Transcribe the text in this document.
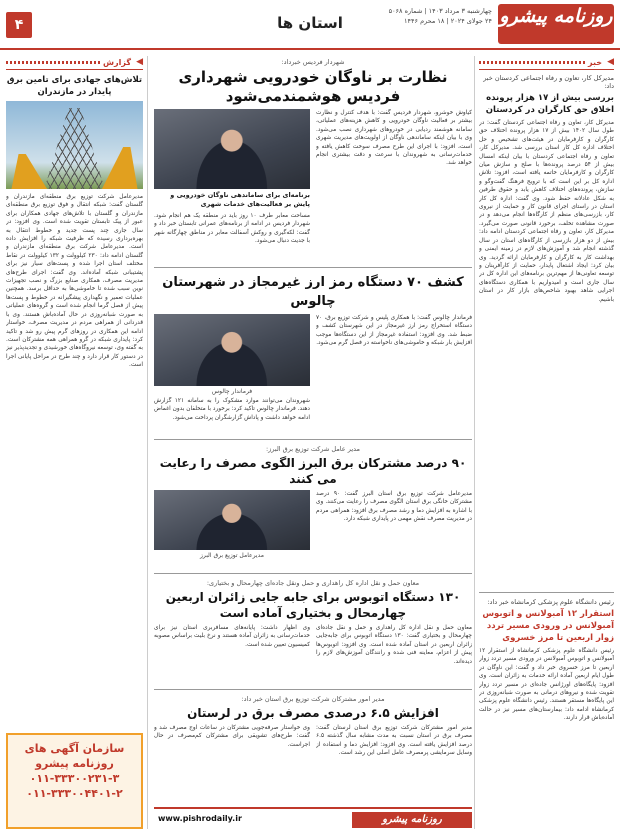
۴	استان ها
چهارشنبه ۳ مرداد ۱۴۰۳ | شماره ۵۰۶۸
۲۴ جولای ۲۰۲۴ | ۱۸ محرم ۱۴۴۶ روزنامه پیشرو
◀
خبر
مدیرکل کار، تعاون و رفاه اجتماعی کردستان خبر داد:
بررسی بیش از ۱۷ هزار پرونده اخلاق حق کارگران در کردستان
مدیرکل کار، تعاون و رفاه اجتماعی کردستان گفت: در طول سال ۱۴۰۲ بیش از ۱۷ هزار پرونده اختلاف حق کارگران و کارفرمایان در هیئت‌های تشخیص و حل اختلاف اداره کل کار استان بررسی شد. مدیرکل کار، تعاون و رفاه اجتماعی کردستان با بیان اینکه امسال بیش از ۵۴ درصد پرونده‌ها با صلح و سازش میان کارگران و کارفرمایان خاتمه یافته است، افزود: تلاش اداره کل بر این است که با ترویج فرهنگ گفت‌وگو و سازش، پرونده‌های اختلاف کاهش یابد و حقوق طرفین به شکل عادلانه حفظ شود. وی گفت: اداره کل کار استان در راستای اجرای قانون کار و حمایت از نیروی کار، بازرسی‌های منظم از کارگاه‌ها انجام می‌دهد و در صورت مشاهده تخلف، برخورد قانونی صورت می‌گیرد. مدیرکل کار، تعاون و رفاه اجتماعی کردستان ادامه داد: بیش از دو هزار بازرسی از کارگاه‌های استان در سال گذشته انجام شد و آموزش‌های لازم در زمینه ایمنی و بهداشت کار به کارگران و کارفرمایان ارائه گردید. وی بیان کرد: ایجاد اشتغال پایدار، حمایت از کارآفرینان و توسعه تعاونی‌ها از مهم‌ترین برنامه‌های این اداره کل در سال جاری است و امیدواریم با همکاری دستگاه‌های اجرایی شاهد بهبود شاخص‌های بازار کار در استان باشیم.
رئیس دانشگاه علوم پزشکی کرمانشاه خبر داد:
استقرار ۱۲ آمبولانس و اتوبوس آمبولانس در ورودی مسیر تردد زوار اربعین تا مرز خسروی
رئیس دانشگاه علوم پزشکی کرمانشاه از استقرار ۱۲ آمبولانس و اتوبوس آمبولانس در ورودی مسیر تردد زوار اربعین تا مرز خسروی خبر داد و گفت: این ناوگان در طول ایام اربعین آماده ارائه خدمات به زائران است. وی افزود: پایگاه‌های اورژانس جاده‌ای در مسیر تردد زوار تقویت شده و نیروهای درمانی به صورت شبانه‌روزی در این پایگاه‌ها مستقر هستند. رئیس دانشگاه علوم پزشکی کرمانشاه ادامه داد: بیمارستان‌های مسیر نیز در حالت آماده‌باش قرار دارند.
شهردار فردیس خبرداد:
نظارت بر ناوگان خودرویی شهرداری فردیس هوشمندمی‌شود
کیاوش خوشرو، شهردار فردیس گفت: با هدف کنترل و نظارت بیشتر بر فعالیت ناوگان خودرویی و کاهش هزینه‌های عملیاتی، سامانه هوشمند ردیابی در خودروهای شهرداری نصب می‌شود. وی با بیان اینکه ساماندهی ناوگان از اولویت‌های مدیریت شهری است، افزود: با اجرای این طرح مصرف سوخت کاهش یافته و خدمات‌رسانی به شهروندان با سرعت و دقت بیشتری انجام خواهد شد.
برنامه‌ای برای ساماندهی ناوگان خودرویی و پایش بر فعالیت‌های خدمات شهری
مساحت معابر طرف ۱۰ روز باید در منطقه یک هم انجام شود. شهردار فردیس در ادامه از برنامه‌های عمرانی تابستان خبر داد و گفت: لکه‌گیری و روکش آسفالت معابر در مناطق چهارگانه شهر با جدیت دنبال می‌شود.
کشف ۷۰ دستگاه رمز ارز غیرمجاز در شهرستان چالوس
فرماندار چالوس گفت: با همکاری پلیس و شرکت توزیع برق، ۷۰ دستگاه استخراج رمز ارز غیرمجاز در این شهرستان کشف و ضبط شد. وی افزود: استفاده غیرمجاز از این دستگاه‌ها موجب افزایش بار شبکه و خاموشی‌های ناخواسته در فصل گرم می‌شود.
فرماندار چالوس
شهروندان می‌توانند موارد مشکوک را به سامانه ۱۲۱ گزارش دهند. فرماندار چالوس تاکید کرد: برخورد با متخلفان بدون اغماض ادامه خواهد داشت و پاداش گزارشگران پرداخت می‌شود.
مدیر عامل شرکت توزیع برق البرز:
۹۰ درصد مشترکان برق البرز الگوی مصرف را رعایت می کنند
مدیرعامل شرکت توزیع برق استان البرز گفت: ۹۰ درصد مشترکان خانگی برق استان الگوی مصرف را رعایت می‌کنند. وی با اشاره به افزایش دما و رشد مصرف برق افزود: همراهی مردم در مدیریت مصرف نقش مهمی در پایداری شبکه دارد.
مدیرعامل توزیع برق البرز
معاون حمل و نقل اداره کل راهداری و حمل ونقل جاده‌ای چهارمحال و بختیاری:
۱۳۰ دستگاه اتوبوس برای جابه جایی زائران اربعین چهارمحال و بختیاری آماده است
معاون حمل و نقل اداره کل راهداری و حمل و نقل جاده‌ای چهارمحال و بختیاری گفت: ۱۳۰ دستگاه اتوبوس برای جابه‌جایی زائران اربعین در استان آماده شده است. وی افزود: اتوبوس‌ها پیش از اعزام، معاینه فنی شده و رانندگان آموزش‌های لازم را دیده‌اند.
وی اظهار داشت: پایانه‌های مسافربری استان نیز برای خدمات‌رسانی به زائران آماده هستند و نرخ بلیت براساس مصوبه کمیسیون تعیین شده است.
مدیر امور مشترکان شرکت توزیع برق استان خبر داد:
افزایش ۶.۵ درصدی مصرف برق در لرستان
مدیر امور مشترکان شرکت توزیع برق استان لرستان گفت: مصرف برق در استان نسبت به مدت مشابه سال گذشته ۶.۵ درصد افزایش یافته است. وی افزود: افزایش دما و استفاده از وسایل سرمایشی پرمصرف عامل اصلی این رشد است.
وی خواستار صرفه‌جویی مشترکان در ساعات اوج مصرف شد و گفت: طرح‌های تشویقی برای مشترکان کم‌مصرف در حال اجراست.
◀
گزارش
تلاش‌های جهادی برای تامین برق پایدار در مازندران
مدیرعامل شرکت توزیع برق منطقه‌ای مازندران و گلستان گفت: شبکه انتقال و فوق توزیع برق منطقه‌ای مازندران و گلستان با تلاش‌های جهادی همکاران برای عبور از پیک تابستان تقویت شده است. وی افزود: در سال جاری چند پست جدید و خطوط انتقال به بهره‌برداری رسیده که ظرفیت شبکه را افزایش داده است. مدیرعامل شرکت برق منطقه‌ای مازندران و گلستان ادامه داد: ۲۳۰ کیلوولت و ۱۳۲ کیلوولت در نقاط مختلف استان اجرا شده و پست‌های سیار نیز برای پشتیبانی شبکه آماده‌اند. وی گفت: اجرای طرح‌های مدیریت مصرف، همکاری صنایع بزرگ و نصب تجهیزات نوین سبب شده تا خاموشی‌ها به حداقل برسد. همچنین عملیات تعمیر و نگهداری پیشگیرانه در خطوط و پست‌ها پیش از فصل گرما انجام شده است و گروه‌های عملیاتی به صورت شبانه‌روزی در حال آماده‌باش هستند. وی با قدردانی از همراهی مردم در مدیریت مصرف، خواستار ادامه این همکاری در روزهای گرم پیش رو شد و تاکید کرد: پایداری شبکه در گرو همراهی همه مشترکان است. به گفته وی، توسعه نیروگاه‌های خورشیدی و تجدیدپذیر نیز در دستور کار قرار دارد و چند طرح در مراحل پایانی اجرا است.
سازمان آگهی های
روزنامه پیشرو
۰۱۱-۳۳۳۰۰۲۳۱-۳
۰۱۱-۳۳۳۰۰۴۴۰۱-۲
www.pishrodaily.ir	روزنامه پیشرو
